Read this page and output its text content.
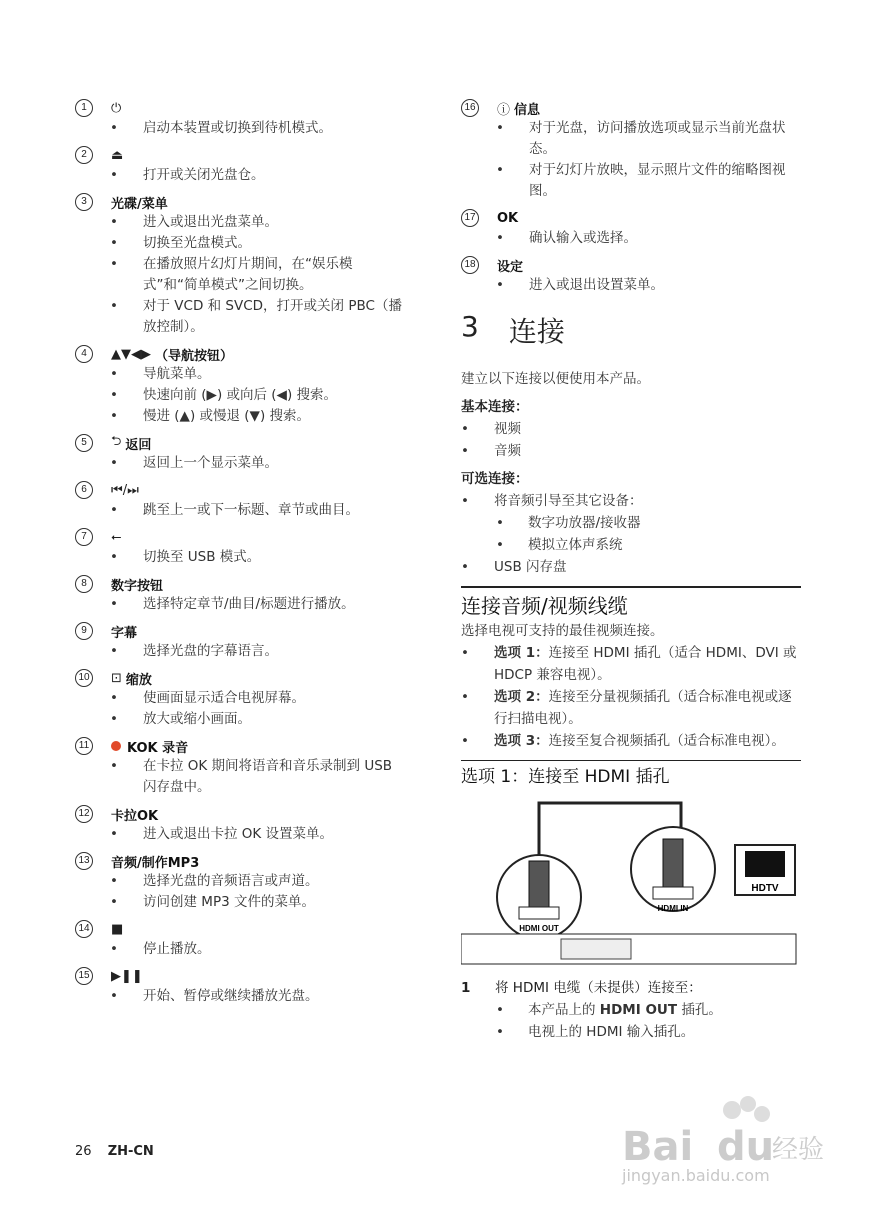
1	⏻
• 启动本装置或切换到待机模式。
2	⏏
• 打开或关闭光盘仓。
3	光碟/菜单
• 进入或退出光盘菜单。
• 切换至光盘模式。
• 在播放照片幻灯片期间，在“娱乐模式”和“简单模式”之间切换。
• 对于 VCD 和 SVCD，打开或关闭 PBC（播放控制）。
4	▲▼◀▶ （导航按钮）
• 导航菜单。
• 快速向前 (▶) 或向后 (◀) 搜索。
• 慢进 (▲) 或慢退 (▼) 搜索。
5	⮌ 返回
• 返回上一个显示菜单。
6	⏮/⏭
• 跳至上一或下一标题、章节或曲目。
7	⭠
• 切换至 USB 模式。
8	数字按钮
• 选择特定章节/曲目/标题进行播放。
9	字幕
• 选择光盘的字幕语言。
10 ⊡ 缩放
• 使画面显示适合电视屏幕。
• 放大或缩小画面。
11	KOK 录音
• 在卡拉 OK 期间将语音和音乐录制到 USB 闪存盘中。
12 卡拉OK
• 进入或退出卡拉 OK 设置菜单。
13 音频/制作MP3
• 选择光盘的音频语言或声道。
• 访问创建 MP3 文件的菜单。
14 ■
• 停止播放。
15 ▶❚❚
• 开始、暂停或继续播放光盘。
16 ⓘ 信息
• 对于光盘，访问播放选项或显示当前光盘状态。
• 对于幻灯片放映，显示照片文件的缩略图视图。
17 OK
• 确认输入或选择。
18 设定
• 进入或退出设置菜单。
3 连接
建立以下连接以便使用本产品。
基本连接：
• 视频
• 音频
可选连接：
• 将音频引导至其它设备：
• 数字功放器/接收器
• 模拟立体声系统
• USB 闪存盘
连接音频/视频线缆
选择电视可支持的最佳视频连接。
• 选项 1：连接至 HDMI 插孔（适合 HDMI、DVI 或 HDCP 兼容电视）。
• 选项 2：连接至分量视频插孔（适合标准电视或逐行扫描电视）。
• 选项 3：连接至复合视频插孔（适合标准电视）。
选项 1：连接至 HDMI 插孔
HDMI OUT
HDMI IN
HDTV
1	将 HDMI 电缆（未提供）连接至：
• 本产品上的 HDMI OUT 插孔。
• 电视上的 HDMI 输入插孔。
26 ZH-CN	Bai du
经验
jingyan.baidu.com
